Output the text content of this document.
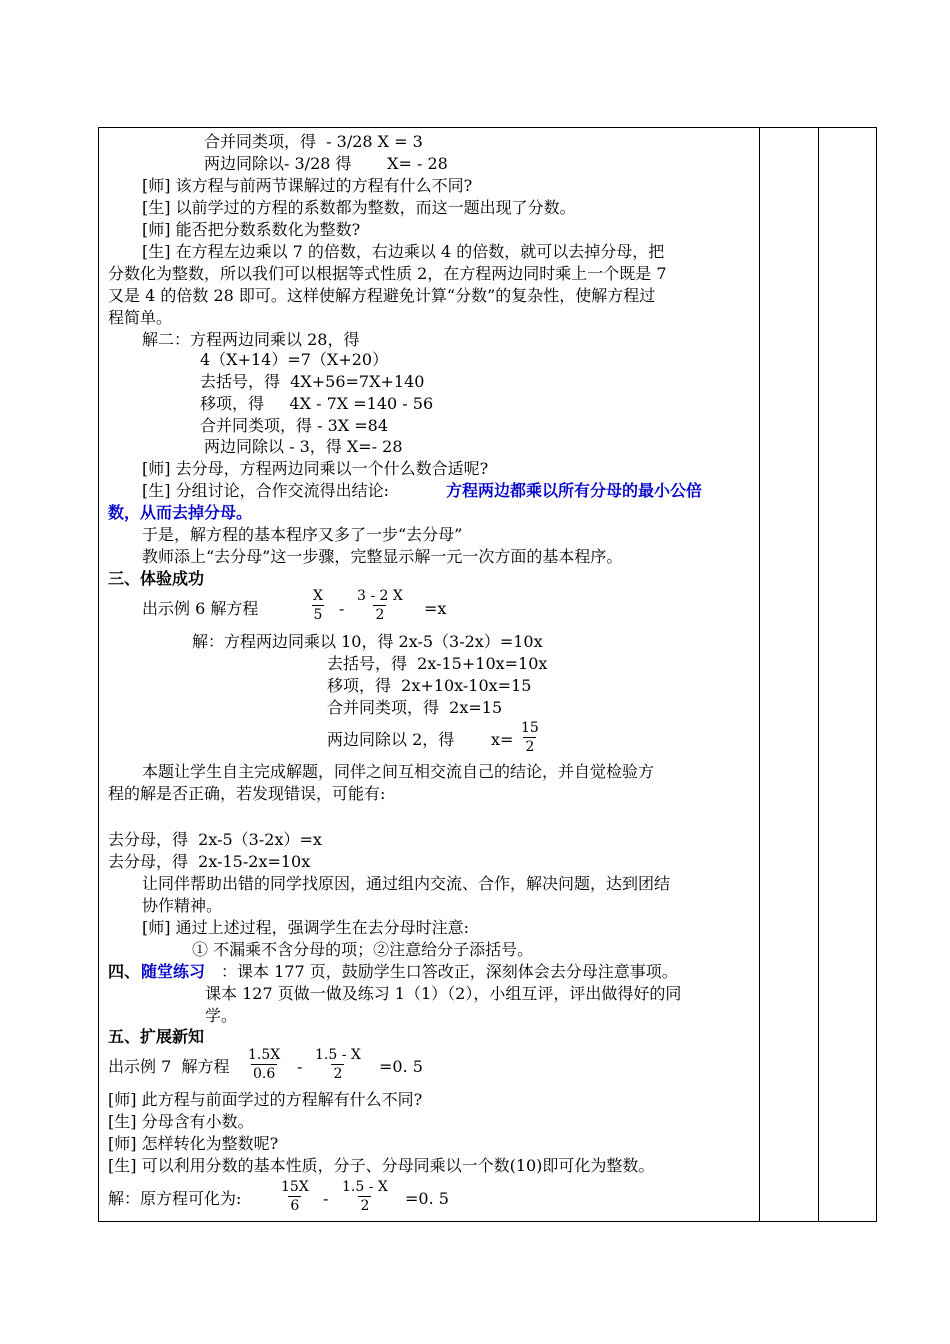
合并同类项，得  - 3/28 X = 3
两边同除以- 3/28 得       X= - 28
[师] 该方程与前两节课解过的方程有什么不同?
[生] 以前学过的方程的系数都为整数，而这一题出现了分数。
[师] 能否把分数系数化为整数?
[生] 在方程左边乘以 7 的倍数，右边乘以 4 的倍数，就可以去掉分母，把
分数化为整数，所以我们可以根据等式性质 2，在方程两边同时乘上一个既是 7
又是 4 的倍数 28 即可。这样使解方程避免计算“分数”的复杂性，使解方程过
程简单。
解二：方程两边同乘以 28，得
4（X+14）=7（X+20）
去括号，得  4X+56=7X+140
移项，得     4X - 7X =140 - 56
合并同类项，得 - 3X =84
两边同除以 - 3，得 X=- 28
[师] 去分母，方程两边同乘以一个什么数合适呢?
[生] 分组讨论，合作交流得出结论:	方程两边都乘以所有分母的最小公倍
数，从而去掉分母。
于是，解方程的基本程序又多了一步“去分母”
教师添上“去分母”这一步骤，完整显示解一元一次方面的基本程序。
三、体验成功
出示例 6 解方程	$\frac{X}{5} - \frac{3 - 2 X}{2} =x$
解：方程两边同乘以 10，得 2x-5（3-2x）=10x
去括号，得  2x-15+10x=10x
移项，得  2x+10x-10x=15
合并同类项，得  2x=15
两边同除以 2，得 $x= \frac{15}{2}$
本题让学生自主完成解题，同伴之间互相交流自己的结论，并自觉检验方
程的解是否正确，若发现错误，可能有:
去分母，得  2x-5（3-2x）=x
去分母，得  2x-15-2x=10x
让同伴帮助出错的同学找原因，通过组内交流、合作，解决问题，达到团结
协作精神。
[师] 通过上述过程，强调学生在去分母时注意:
① 不漏乘不含分母的项；②注意给分子添括号。
四、 随堂练习 ：课本 177 页，鼓励学生口答改正，深刻体会去分母注意事项。
课本 127 页做一做及练习 1（1）（2），小组互评，评出做得好的同
学。
五、扩展新知
出示例 7  解方程 $\frac{1.5X}{0.6} - \frac{1.5 - X}{2} =0$. 5
[师] 此方程与前面学过的方程解有什么不同?
[生] 分母含有小数。
[师] 怎样转化为整数呢?
[生] 可以利用分数的基本性质，分子、分母同乘以一个数(10)即可化为整数。
解：原方程可化为:	$\frac{15X}{6} - \frac{1.5 - X}{2} =0$. 5
